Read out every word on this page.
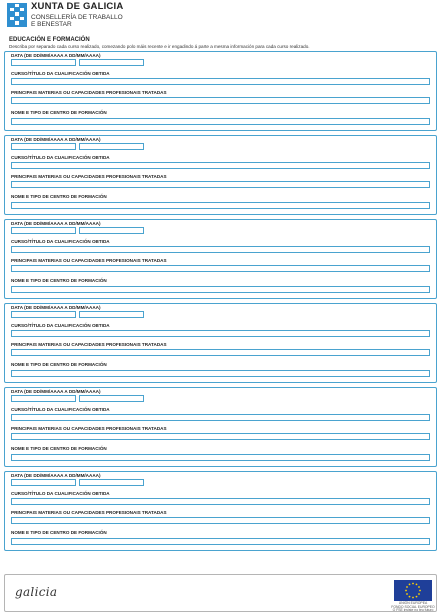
XUNTA DE GALICIA
CONSELLERÍA DE TRABALLO
E BENESTAR
EDUCACIÓN E FORMACIÓN
Describa por separado cada curso realizado, comezando polo máis recente e ir engadindo á parte a mesma información para cada curso realizado.
DATA (DE DD/MM/AAAA A DD/MM/AAAA)
CURSO/TÍTULO DA CUALIFICACIÓN OBTIDA
PRINCIPAIS MATERIAS OU CAPACIDADES PROFESIONAIS TRATADAS
NOME E TIPO DE CENTRO DE FORMACIÓN
DATA (DE DD/MM/AAAA A DD/MM/AAAA)
CURSO/TÍTULO DA CUALIFICACIÓN OBTIDA
PRINCIPAIS MATERIAS OU CAPACIDADES PROFESIONAIS TRATADAS
NOME E TIPO DE CENTRO DE FORMACIÓN
DATA (DE DD/MM/AAAA A DD/MM/AAAA)
CURSO/TÍTULO DA CUALIFICACIÓN OBTIDA
PRINCIPAIS MATERIAS OU CAPACIDADES PROFESIONAIS TRATADAS
NOME E TIPO DE CENTRO DE FORMACIÓN
DATA (DE DD/MM/AAAA A DD/MM/AAAA)
CURSO/TÍTULO DA CUALIFICACIÓN OBTIDA
PRINCIPAIS MATERIAS OU CAPACIDADES PROFESIONAIS TRATADAS
NOME E TIPO DE CENTRO DE FORMACIÓN
DATA (DE DD/MM/AAAA A DD/MM/AAAA)
CURSO/TÍTULO DA CUALIFICACIÓN OBTIDA
PRINCIPAIS MATERIAS OU CAPACIDADES PROFESIONAIS TRATADAS
NOME E TIPO DE CENTRO DE FORMACIÓN
DATA (DE DD/MM/AAAA A DD/MM/AAAA)
CURSO/TÍTULO DA CUALIFICACIÓN OBTIDA
PRINCIPAIS MATERIAS OU CAPACIDADES PROFESIONAIS TRATADAS
NOME E TIPO DE CENTRO DE FORMACIÓN
galicia
UNIÓN EUROPEA
FONDO SOCIAL EUROPEO
O FSE inviste no teu futuro
